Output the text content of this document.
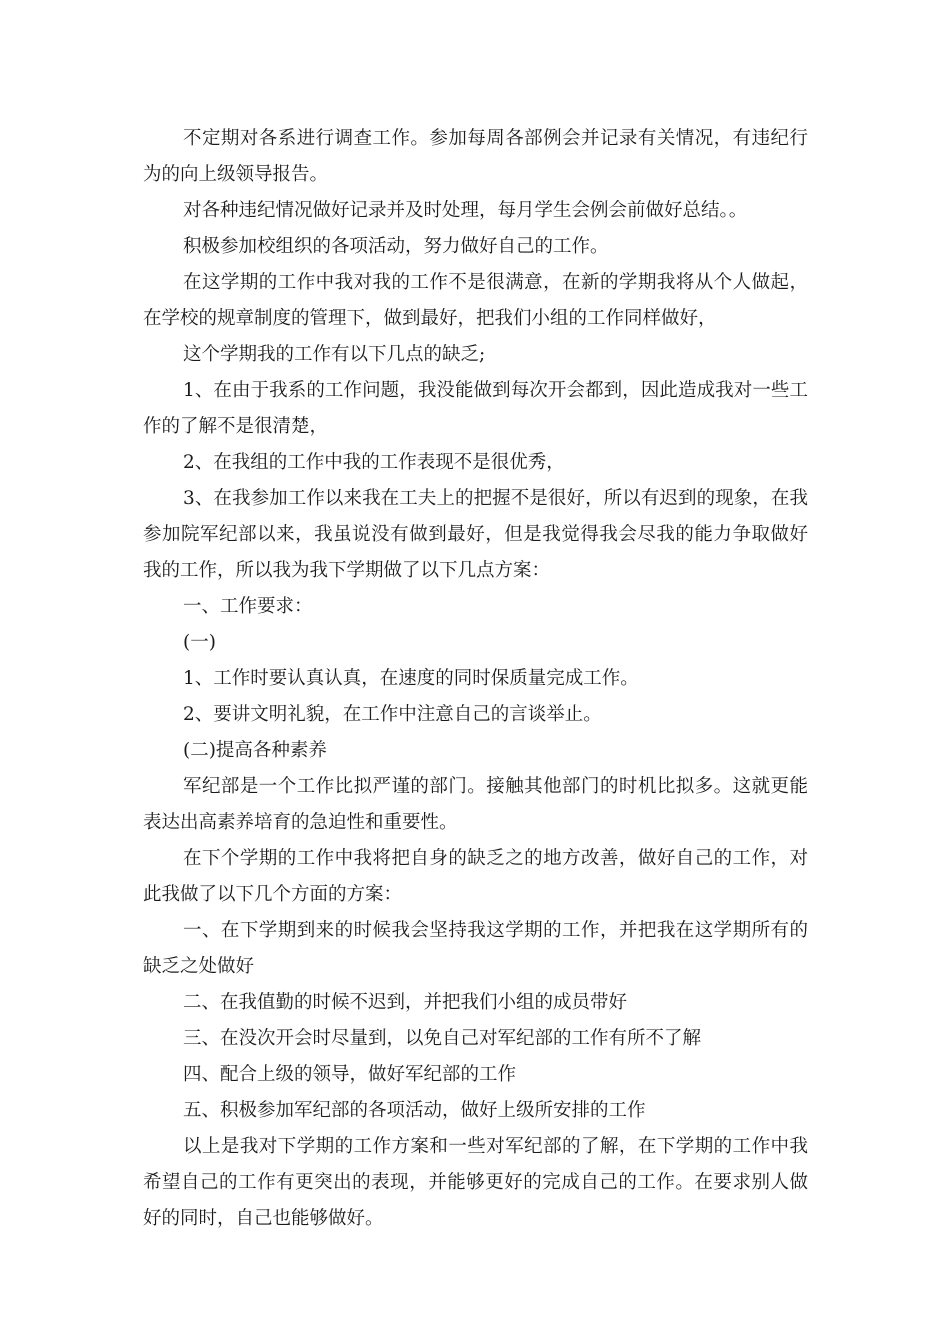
不定期对各系进行调查工作。参加每周各部例会并记录有关情况，有违纪行为的向上级领导报告。

对各种违纪情况做好记录并及时处理，每月学生会例会前做好总结。。

积极参加校组织的各项活动，努力做好自己的工作。

在这学期的工作中我对我的工作不是很满意，在新的学期我将从个人做起，在学校的规章制度的管理下，做到最好，把我们小组的工作同样做好，

这个学期我的工作有以下几点的缺乏;

1、在由于我系的工作问题，我没能做到每次开会都到，因此造成我对一些工作的了解不是很清楚，

2、在我组的工作中我的工作表现不是很优秀，

3、在我参加工作以来我在工夫上的把握不是很好，所以有迟到的现象，在我参加院军纪部以来，我虽说没有做到最好，但是我觉得我会尽我的能力争取做好我的工作，所以我为我下学期做了以下几点方案：

一、工作要求：

(一)

1、工作时要认真认真，在速度的同时保质量完成工作。

2、要讲文明礼貌，在工作中注意自己的言谈举止。

(二)提高各种素养

军纪部是一个工作比拟严谨的部门。接触其他部门的时机比拟多。这就更能表达出高素养培育的急迫性和重要性。

在下个学期的工作中我将把自身的缺乏之的地方改善，做好自己的工作，对此我做了以下几个方面的方案：

一、在下学期到来的时候我会坚持我这学期的工作，并把我在这学期所有的缺乏之处做好

二、在我值勤的时候不迟到，并把我们小组的成员带好

三、在没次开会时尽量到，以免自己对军纪部的工作有所不了解

四、配合上级的领导，做好军纪部的工作

五、积极参加军纪部的各项活动，做好上级所安排的工作

以上是我对下学期的工作方案和一些对军纪部的了解，在下学期的工作中我希望自己的工作有更突出的表现，并能够更好的完成自己的工作。在要求别人做好的同时，自己也能够做好。
